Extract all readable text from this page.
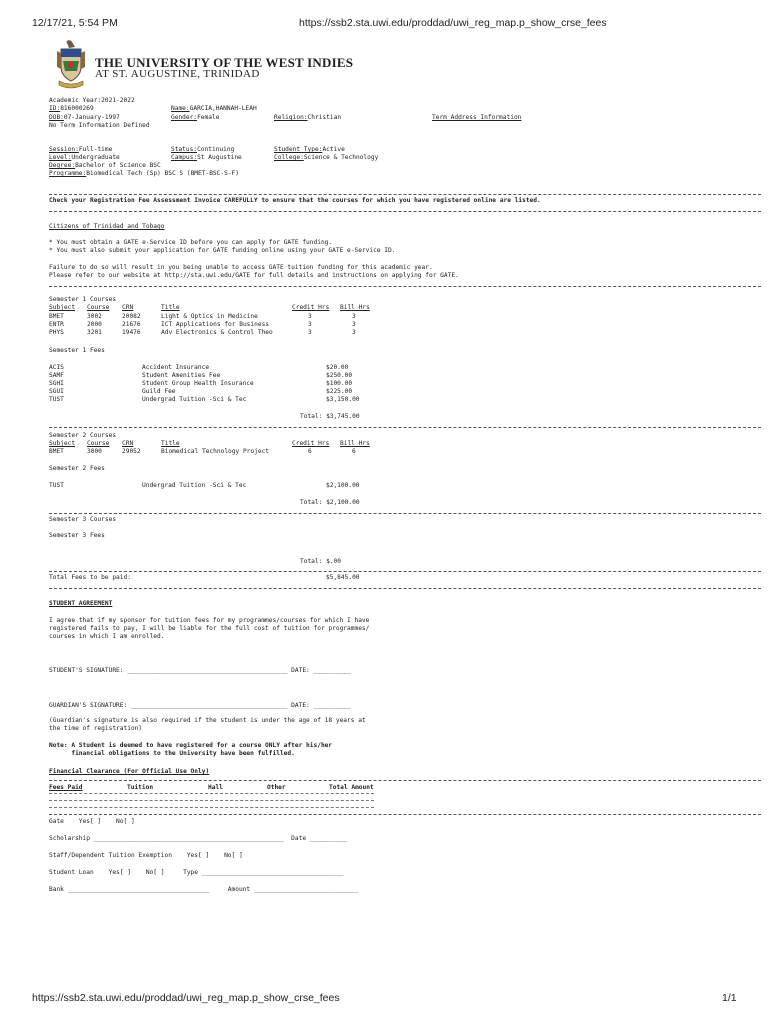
12/17/21, 5:54 PM	https://ssb2.sta.uwi.edu/proddad/uwi_reg_map.p_show_crse_fees
https://ssb2.sta.uwi.edu/proddad/uwi_reg_map.p_show_crse_fees	1/1
THE UNIVERSITY OF THE WEST INDIES
AT ST. AUGUSTINE, TRINIDAD
Academic Year:2021-2022
ID:816000269	Name:GARCIA,HANNAH-LEAH
DOB:07-January-1997	Gender:Female	Religion:Christian	Term Address Information
No Term Information Defined
Session:Full-time	Status:Continuing	Student Type:Active
Level:Undergraduate	Campus:St Augustine	College:Science & Technology
Degree:Bachelor of Science BSC
Programme:Biomedical Tech (Sp) BSC S (BMET-BSC-S-F)
Check your Registration Fee Assessment Invoice CAREFULLY to ensure that the courses for which you have registered online are listed.
Citizens of Trinidad and Tobago
* You must obtain a GATE e-Service ID before you can apply for GATE funding.
* You must also submit your application for GATE funding online using your GATE e-Service ID.
Failure to do so will result in you being unable to access GATE tuition funding for this academic year.
Please refer to our website at http://sta.uwi.edu/GATE for full details and instructions on applying for GATE.
Semester 1 Courses
Subject Course CRN	Title	Credit Hrs Bill Hrs
BMET	3002	20082	Light & Optics in Medicine	3	3
ENTR	2000	21676	ICT Applications for Business	3	3
PHYS	3201	19476	Adv Electronics & Control Theo	3	3
Semester 1 Fees
ACIS	Accident Insurance	$20.00
SAMF	Student Amenities Fee	$250.00
SGHI	Student Group Health Insurance	$100.00
SGUI	Guild Fee	$225.00
TUST	Undergrad Tuition -Sci & Tec	$3,150.00
Total: $3,745.00
Semester 2 Courses
Subject Course CRN	Title	Credit Hrs Bill Hrs
BMET	3000	29052	Biomedical Technology Project	6	6
Semester 2 Fees
TUST	Undergrad Tuition -Sci & Tec	$2,100.00
Total: $2,100.00
Semester 3 Courses
Semester 3 Fees
Total: $.00
Total Fees to be paid:	$5,845.00
STUDENT AGREEMENT
I agree that if my sponsor for tuition fees for my programmes/courses for which I have
registered fails to pay, I will be liable for the full cost of tuition for programmes/
courses in which I am enrolled.
STUDENT'S SIGNATURE: ___________________________________________ DATE: __________
GUARDIAN'S SIGNATURE: __________________________________________ DATE: __________
(Guardian's signature is also required if the student is under the age of 18 years at
the time of registration)
Note: A Student is deemed to have registered for a course ONLY after his/her
financial obligations to the University have been fulfilled.
Financial Clearance (For Official Use Only)
Fees Paid	Tuition	Hall	Other	Total Amount
Gate    Yes[ ]    No[ ]
Scholarship ___________________________________________________  Date __________
Staff/Dependent Tuition Exemption    Yes[ ]    No[ ]
Student Loan    Yes[ ]    No[ ]     Type ______________________________________
Bank ______________________________________     Amount ____________________________
